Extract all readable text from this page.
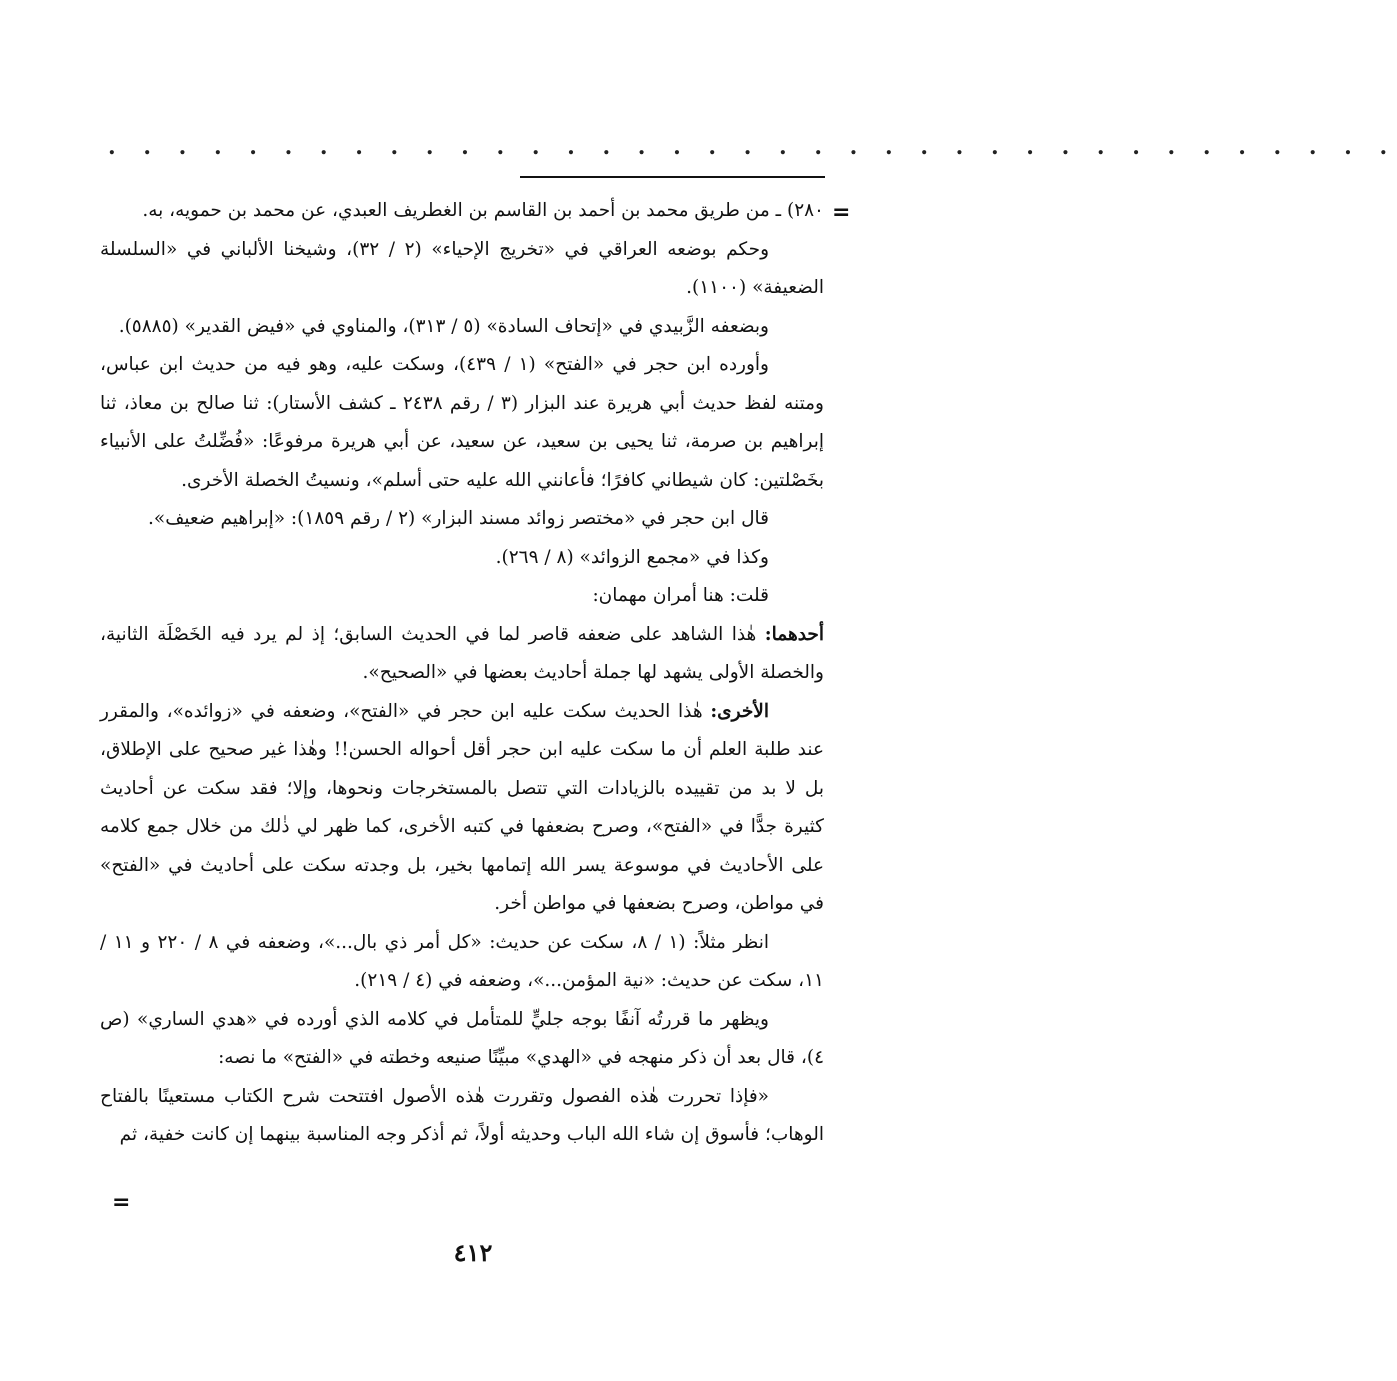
. . . . . . . . . . . . . . . . . . . . . . . . . . . . . . . . . . . . .
=

٢٨٠) ـ من طريق محمد بن أحمد بن القاسم بن الغطريف العبدي، عن محمد بن حمويه، به.

وحكم بوضعه العراقي في «تخريج الإحياء» (٢ / ٣٢)، وشيخنا الألباني في «السلسلة الضعيفة» (١١٠٠).

وبضعفه الزَّبيدي في «إتحاف السادة» (٥ / ٣١٣)، والمناوي في «فيض القدير» (٥٨٨٥).

وأورده ابن حجر في «الفتح» (١ / ٤٣٩)، وسكت عليه، وهو فيه من حديث ابن عباس، ومتنه لفظ حديث أبي هريرة عند البزار (٣ / رقم ٢٤٣٨ ـ كشف الأستار): ثنا صالح بن معاذ، ثنا إبراهيم بن صرمة، ثنا يحيى بن سعيد، عن سعيد، عن أبي هريرة مرفوعًا: «فُضِّلتُ على الأنبياء بخَصْلتين: كان شيطاني كافرًا؛ فأعانني الله عليه حتى أسلم»، ونسيتُ الخصلة الأخرى.

قال ابن حجر في «مختصر زوائد مسند البزار» (٢ / رقم ١٨٥٩): «إبراهيم ضعيف».

وكذا في «مجمع الزوائد» (٨ / ٢٦٩).

قلت: هنا أمران مهمان:

أحدهما: هٰذا الشاهد على ضعفه قاصر لما في الحديث السابق؛ إذ لم يرد فيه الخَصْلَة الثانية، والخصلة الأولى يشهد لها جملة أحاديث بعضها في «الصحيح».

الأخرى: هٰذا الحديث سكت عليه ابن حجر في «الفتح»، وضعفه في «زوائده»، والمقرر عند طلبة العلم أن ما سكت عليه ابن حجر أقل أحواله الحسن!! وهٰذا غير صحيح على الإطلاق، بل لا بد من تقييده بالزيادات التي تتصل بالمستخرجات ونحوها، وإلا؛ فقد سكت عن أحاديث كثيرة جدًّا في «الفتح»، وصرح بضعفها في كتبه الأخرى، كما ظهر لي ذٰلك من خلال جمع كلامه على الأحاديث في موسوعة يسر الله إتمامها بخير، بل وجدته سكت على أحاديث في «الفتح» في مواطن، وصرح بضعفها في مواطن أخر.

انظر مثلاً: (١ / ٨، سكت عن حديث: «كل أمر ذي بال...»، وضعفه في ٨ / ٢٢٠ و ١١ / ١١، سكت عن حديث: «نية المؤمن...»، وضعفه في (٤ / ٢١٩).

ويظهر ما قررتُه آنفًا بوجه جليٍّ للمتأمل في كلامه الذي أورده في «هدي الساري» (ص ٤)، قال بعد أن ذكر منهجه في «الهدي» مبيِّنًا صنيعه وخطته في «الفتح» ما نصه:

«فإذا تحررت هٰذه الفصول وتقررت هٰذه الأصول افتتحت شرح الكتاب مستعينًا بالفتاح الوهاب؛ فأسوق إن شاء الله الباب وحديثه أولاً، ثم أذكر وجه المناسبة بينهما إن كانت خفية، ثم

=
٤١٢
